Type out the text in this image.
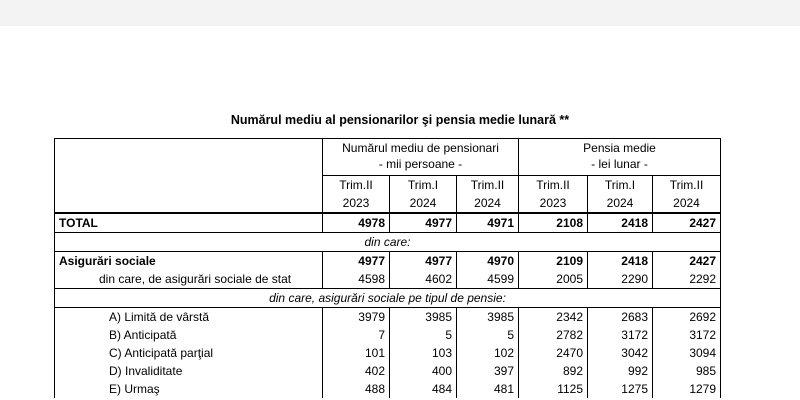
Numărul mediu al pensionarilor şi pensia medie lunară **
	Numărul mediu de pensionari			Pensia medie		
	- mii persoane -			- lei lunar -		
	Trim.II	Trim.I	Trim.II	Trim.II	Trim.I	Trim.II
	2023	2024	2024	2023	2024	2024
TOTAL	4978	4977	4971	2108	2418	2427
din care:						
Asigurări sociale	4977	4977	4970	2109	2418	2427
din care, de asigurări sociale de stat	4598	4602	4599	2005	2290	2292
din care, asigurări sociale pe tipul de pensie:						
A) Limită de vârstă	3979	3985	3985	2342	2683	2692
B) Anticipată	7	5	5	2782	3172	3172
C) Anticipată parţial	101	103	102	2470	3042	3094
D) Invaliditate	402	400	397	892	992	985
E) Urmaş	488	484	481	1125	1275	1279
